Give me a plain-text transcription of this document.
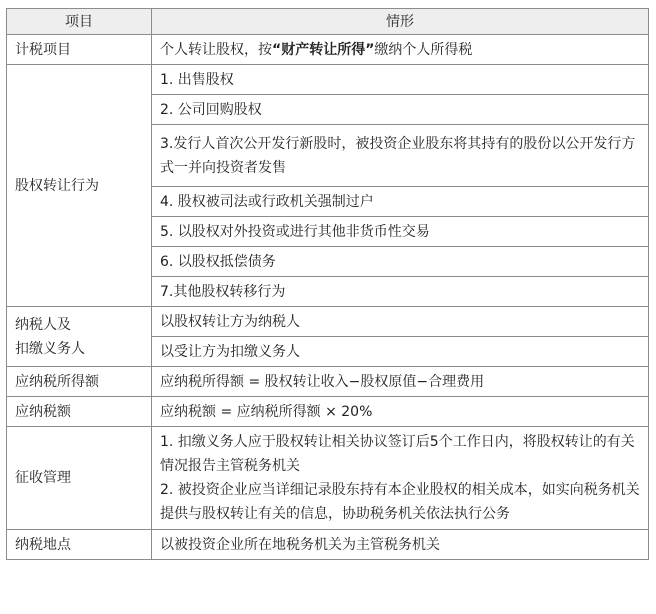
项目	情形
计税项目	个人转让股权，按“财产转让所得”缴纳个人所得税
股权转让行为	1. 出售股权
	2. 公司回购股权
	3.发行人首次公开发行新股时，被投资企业股东将其持有的股份以公开发行方式一并向投资者发售
	4. 股权被司法或行政机关强制过户
	5. 以股权对外投资或进行其他非货币性交易
	6. 以股权抵偿债务
	7.其他股权转移行为

纳税人及
扣缴义务人	以股权转让方为纳税人
	以受让方为扣缴义务人
应纳税所得额	应纳税所得额 = 股权转让收入−股权原值−合理费用
应纳税额	应纳税额 = 应纳税所得额 × 20%
征收管理	1. 扣缴义务人应于股权转让相关协议签订后5个工作日内，将股权转让的有关情况报告主管税务机关
2. 被投资企业应当详细记录股东持有本企业股权的相关成本，如实向税务机关提供与股权转让有关的信息，协助税务机关依法执行公务

纳税地点	以被投资企业所在地税务机关为主管税务机关
